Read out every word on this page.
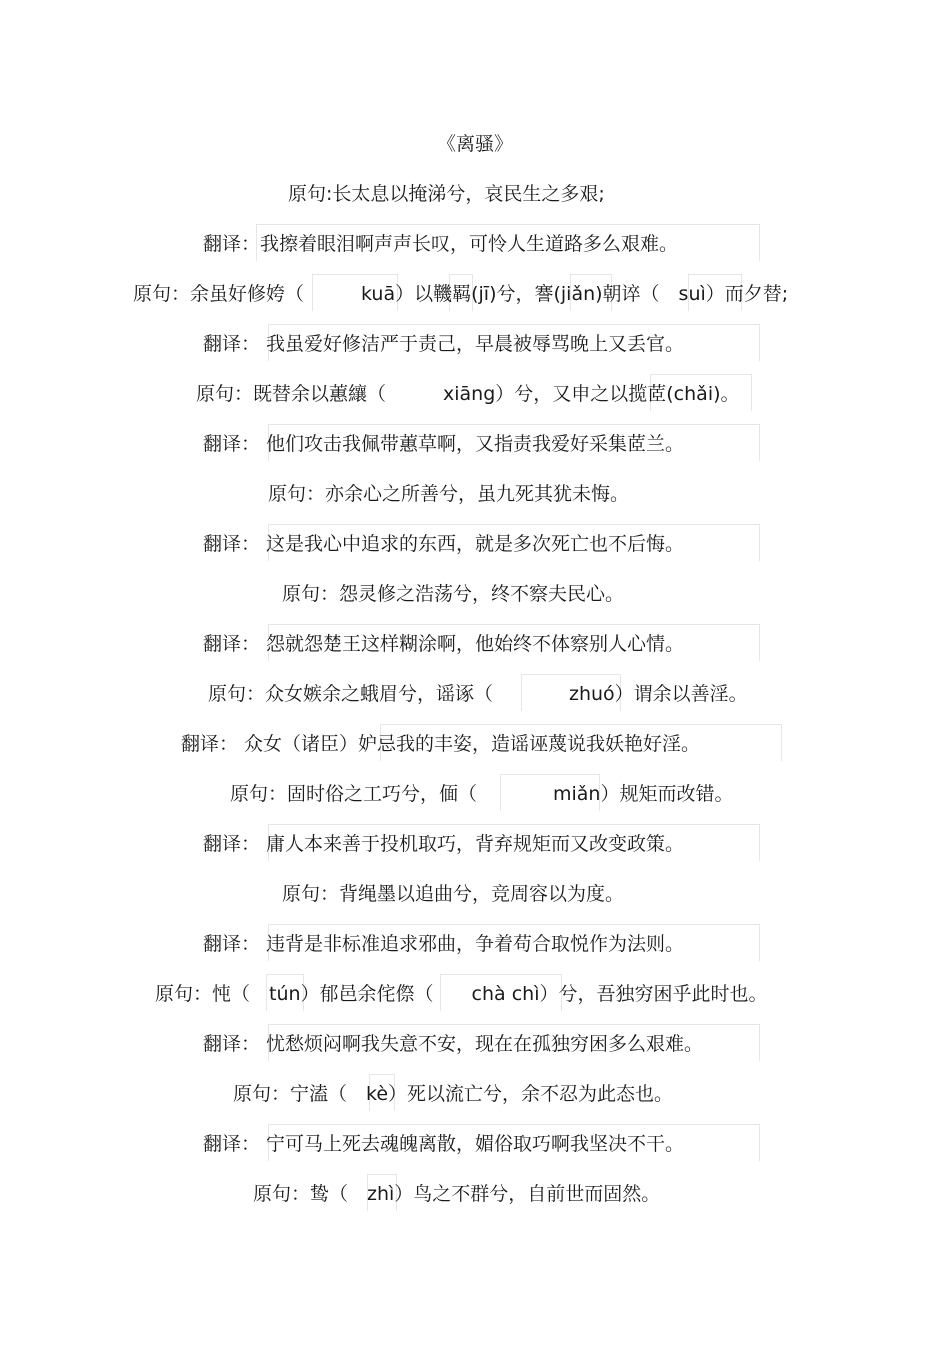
《离骚》
原句:长太息以掩涕兮，哀民生之多艰;
翻译：我擦着眼泪啊声声长叹，可怜人生道路多么艰难。
原句：余虽好修姱（　　　kuā）以鞿羁(jī)兮，謇(jiǎn)朝谇（　suì）而夕替;
翻译： 我虽爱好修洁严于责己，早晨被辱骂晚上又丢官。
原句：既替余以蕙纕（　　　xiāng）兮，又申之以揽茝(chǎi)。
翻译： 他们攻击我佩带蕙草啊，又指责我爱好采集茝兰。
原句：亦余心之所善兮，虽九死其犹未悔。
翻译： 这是我心中追求的东西，就是多次死亡也不后悔。
原句：怨灵修之浩荡兮，终不察夫民心。
翻译： 怨就怨楚王这样糊涂啊，他始终不体察别人心情。
原句：众女嫉余之蛾眉兮，谣诼（　　　　zhuó）谓余以善淫。
翻译： 众女（诸臣）妒忌我的丰姿，造谣诬蔑说我妖艳好淫。
原句：固时俗之工巧兮，偭（　　　　miǎn）规矩而改错。
翻译： 庸人本来善于投机取巧，背弃规矩而又改变政策。
原句：背绳墨以追曲兮，竞周容以为度。
翻译： 违背是非标准追求邪曲，争着苟合取悦作为法则。
原句：忳（　tún）郁邑余侘傺（　　chà chì）兮，吾独穷困乎此时也。
翻译： 忧愁烦闷啊我失意不安，现在在孤独穷困多么艰难。
原句：宁溘（　kè）死以流亡兮，余不忍为此态也。
翻译： 宁可马上死去魂魄离散，媚俗取巧啊我坚决不干。
原句：鸷（　zhì）鸟之不群兮，自前世而固然。
